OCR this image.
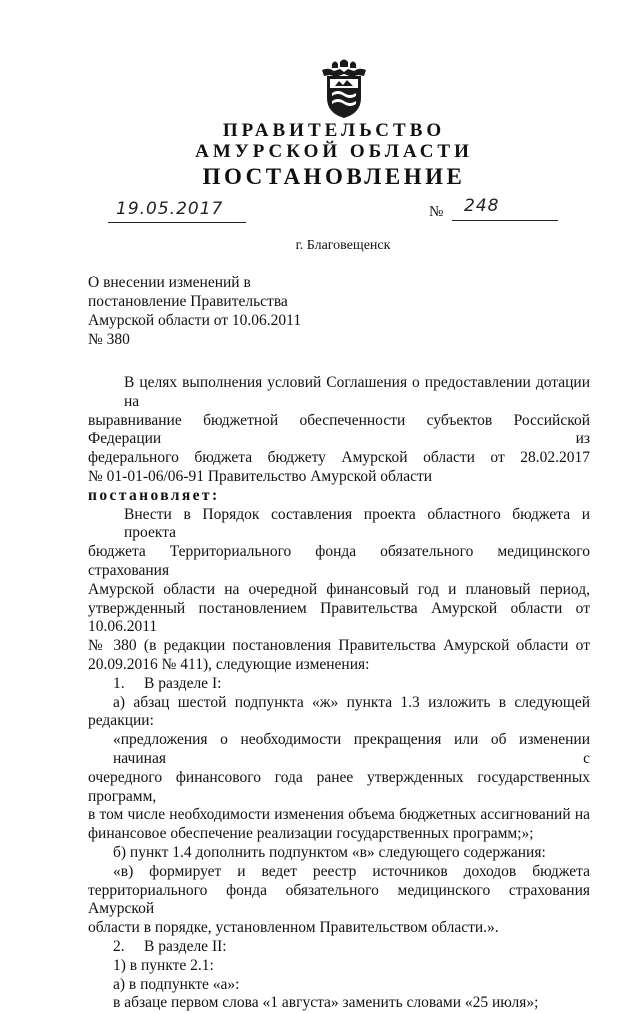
ПРАВИТЕЛЬСТВО
АМУРСКОЙ ОБЛАСТИ
ПОСТАНОВЛЕНИЕ
19.05.2017	№ 248
г. Благовещенск
О внесении изменений в
постановление Правительства
Амурской области от 10.06.2011
№ 380
В целях выполнения условий Соглашения о предоставлении дотации на
выравнивание бюджетной обеспеченности субъектов Российской Федерации из
федерального бюджета бюджету Амурской области от 28.02.2017
№ 01-01-06/06-91 Правительство Амурской области
постановляет:
Внести в Порядок составления проекта областного бюджета и проекта
бюджета Территориального фонда обязательного медицинского страхования
Амурской области на очередной финансовый год и плановый период,
утвержденный постановлением Правительства Амурской области от 10.06.2011
№ 380 (в редакции постановления Правительства Амурской области от
20.09.2016 № 411), следующие изменения:
1.     В разделе I:
а) абзац шестой подпункта «ж» пункта 1.3 изложить в следующей
редакции:
«предложения о необходимости прекращения или об изменении начиная с
очередного финансового года ранее утвержденных государственных программ,
в том числе необходимости изменения объема бюджетных ассигнований на
финансовое обеспечение реализации государственных программ;»;
б) пункт 1.4 дополнить подпунктом «в» следующего содержания:
«в) формирует и ведет реестр источников доходов бюджета
территориального фонда обязательного медицинского страхования Амурской
области в порядке, установленном Правительством области.».
2.     В разделе II:
1) в пункте 2.1:
а) в подпункте «а»:
в абзаце первом слова «1 августа» заменить словами «25 июля»;
